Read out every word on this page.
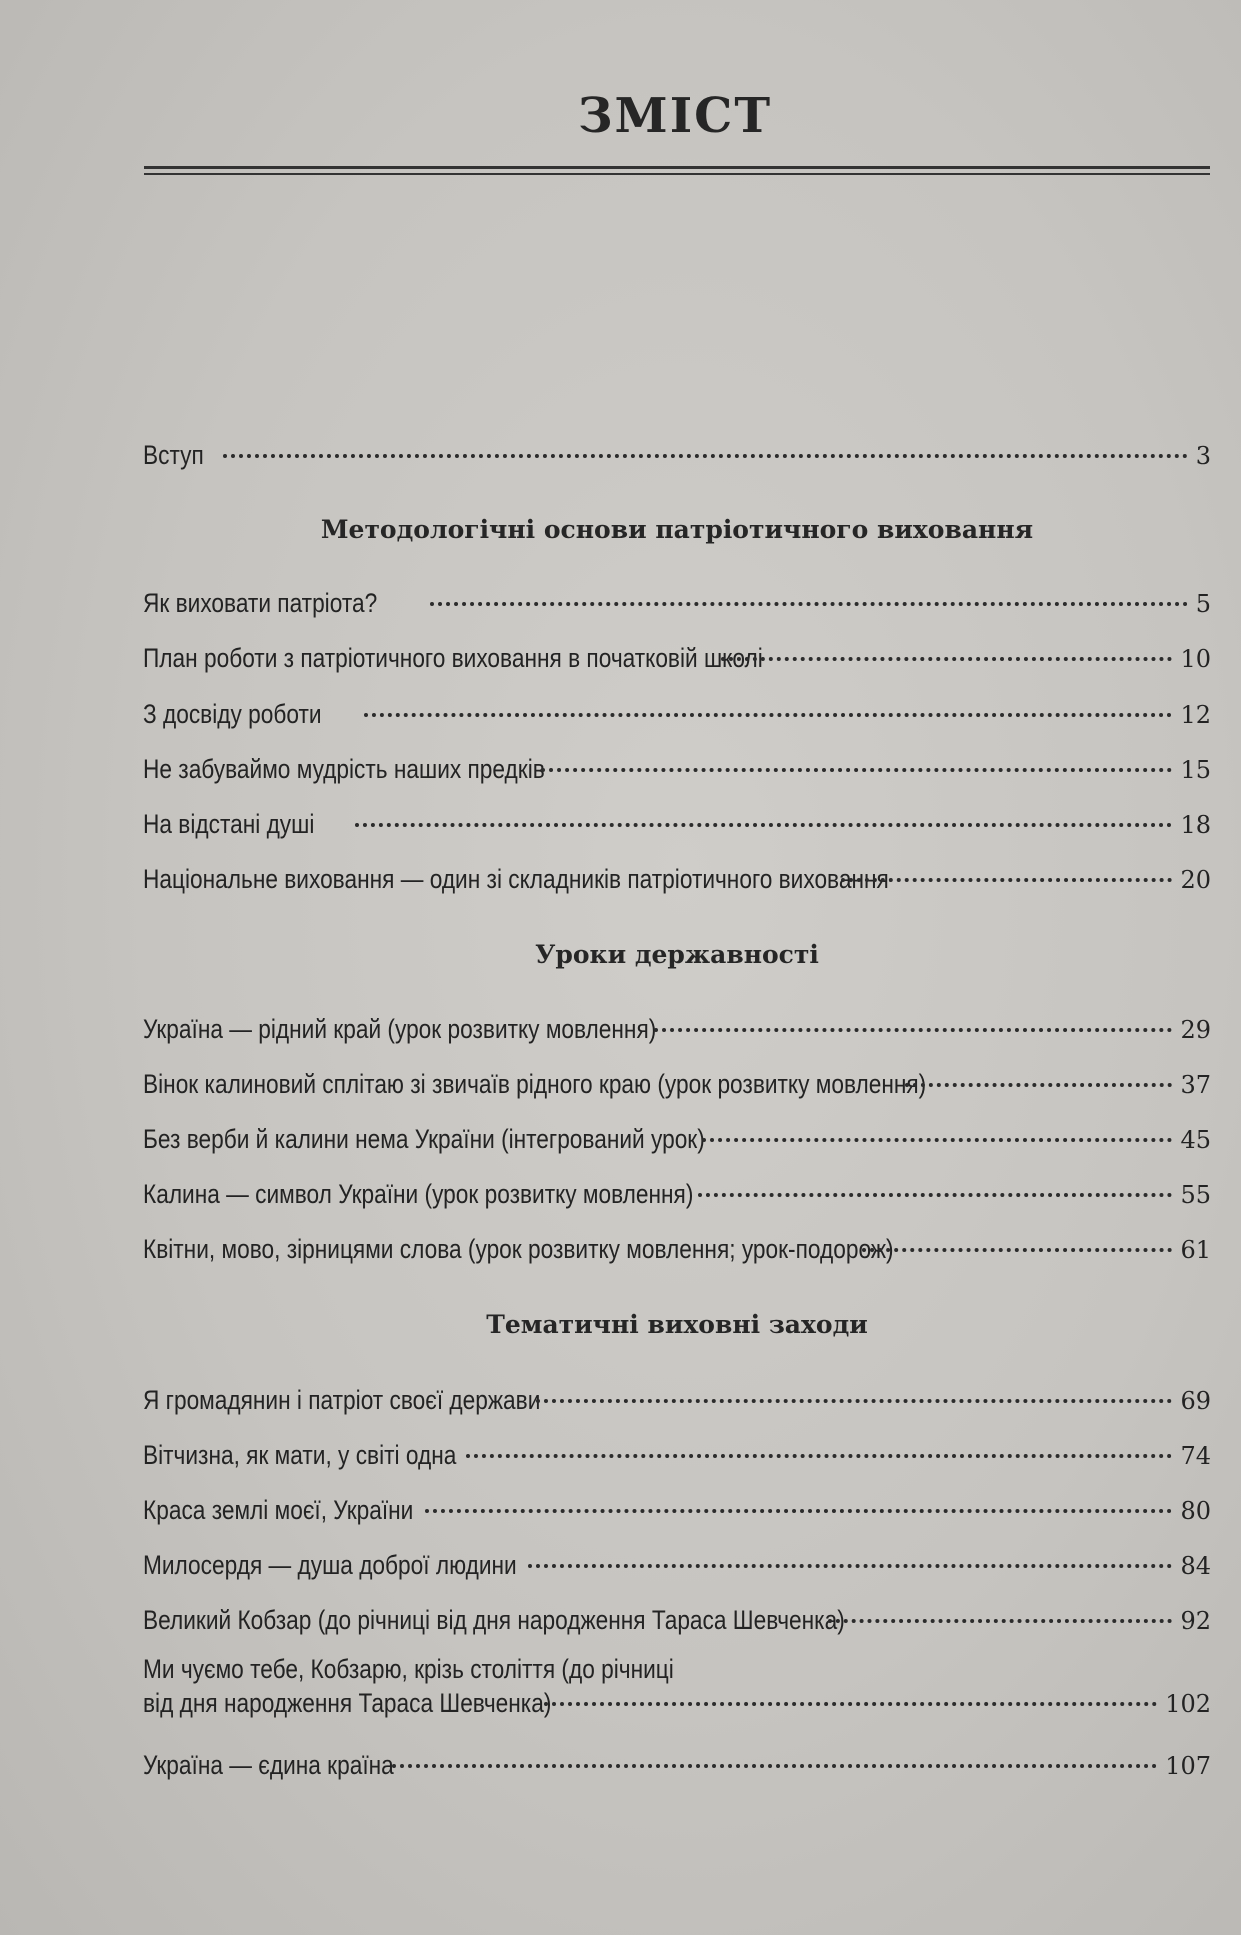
ЗМІСТ
Вступ	3
Методологічні основи патріотичного виховання
Як виховати патріота?	5
План роботи з патріотичного виховання в початковій школі	10
З досвіду роботи	12
Не забуваймо мудрість наших предків	15
На відстані душі	18
Національне виховання — один зі складників патріотичного виховання	20
Уроки державності
Україна — рідний край (урок розвитку мовлення)	29
Вінок калиновий сплітаю зі звичаїв рідного краю (урок розвитку мовлення)	37
Без верби й калини нема України (інтегрований урок)	45
Калина — символ України (урок розвитку мовлення)	55
Квітни, мово, зірницями слова (урок розвитку мовлення; урок-подорож)	61
Тематичні виховні заходи
Я громадянин і патріот своєї держави	69
Вітчизна, як мати, у світі одна	74
Краса землі моєї, України	80
Милосердя — душа доброї людини	84
Великий Кобзар (до річниці від дня народження Тараса Шевченка)	92
Ми чуємо тебе, Кобзарю, крізь століття (до річниці
від дня народження Тараса Шевченка)	102
Україна — єдина країна	107
